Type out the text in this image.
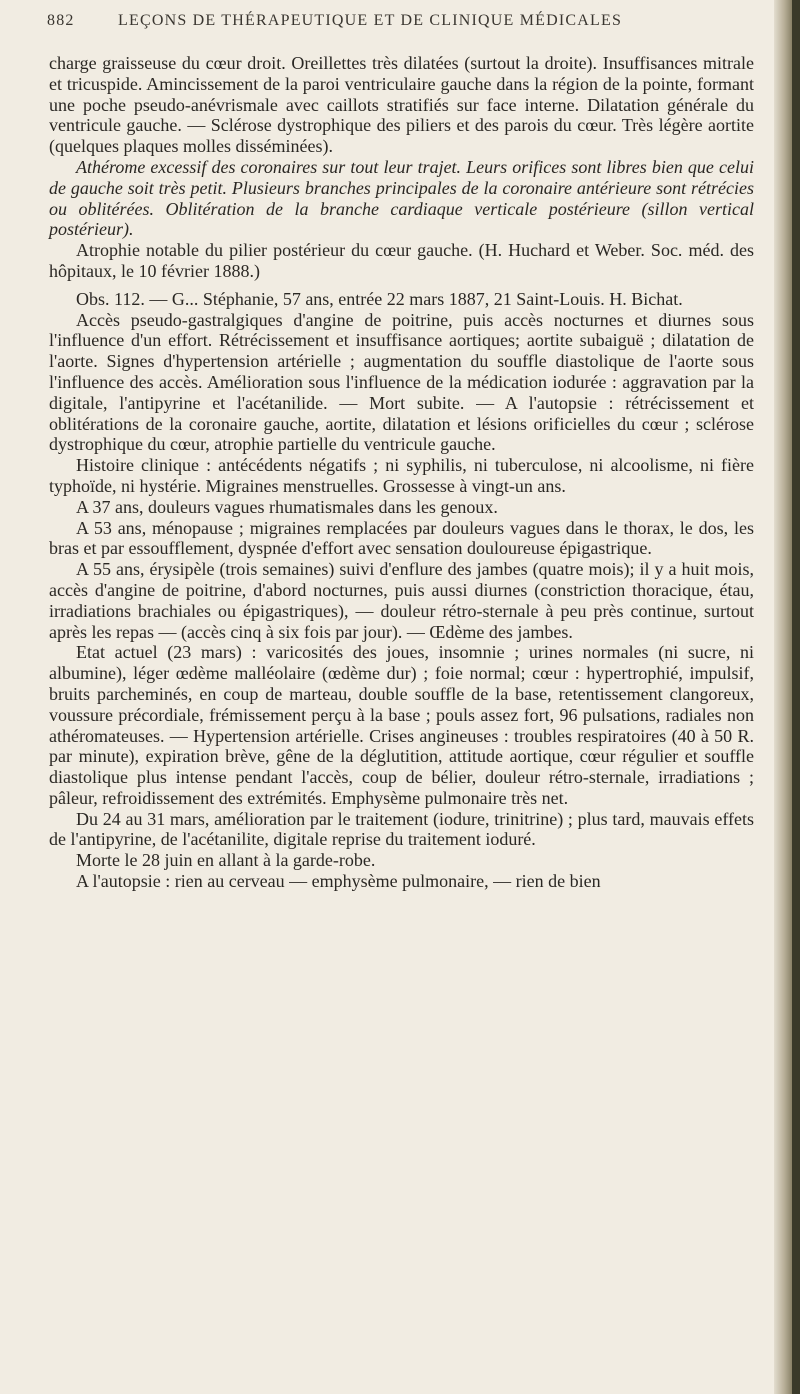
882	LEÇONS DE THÉRAPEUTIQUE ET DE CLINIQUE MÉDICALES

charge graisseuse du cœur droit. Oreillettes très dilatées (surtout la droite). Insuffisances mitrale et tricuspide. Amincissement de la paroi ventriculaire gauche dans la région de la pointe, formant une poche pseudo-anévrismale avec caillots stratifiés sur face interne. Dilatation générale du ventricule gauche. — Sclérose dystrophique des piliers et des parois du cœur. Très légère aortite (quelques plaques molles disséminées).

Athérome excessif des coronaires sur tout leur trajet. Leurs orifices sont libres bien que celui de gauche soit très petit. Plusieurs branches principales de la coronaire antérieure sont rétrécies ou oblitérées. Oblitération de la branche cardiaque verticale postérieure (sillon vertical postérieur).

Atrophie notable du pilier postérieur du cœur gauche. (H. Huchard et Weber. Soc. méd. des hôpitaux, le 10 février 1888.)

Obs. 112. — G... Stéphanie, 57 ans, entrée 22 mars 1887, 21 Saint-Louis. H. Bichat.

Accès pseudo-gastralgiques d'angine de poitrine, puis accès nocturnes et diurnes sous l'influence d'un effort. Rétrécissement et insuffisance aortiques; aortite subaiguë ; dilatation de l'aorte. Signes d'hypertension artérielle ; augmentation du souffle diastolique de l'aorte sous l'influence des accès. Amélioration sous l'influence de la médication iodurée : aggravation par la digitale, l'antipyrine et l'acétanilide. — Mort subite. — A l'autopsie : rétrécissement et oblitérations de la coronaire gauche, aortite, dilatation et lésions orificielles du cœur ; sclérose dystrophique du cœur, atrophie partielle du ventricule gauche.

Histoire clinique : antécédents négatifs ; ni syphilis, ni tuberculose, ni alcoolisme, ni fière typhoïde, ni hystérie. Migraines menstruelles. Grossesse à vingt-un ans.

A 37 ans, douleurs vagues rhumatismales dans les genoux.

A 53 ans, ménopause ; migraines remplacées par douleurs vagues dans le thorax, le dos, les bras et par essoufflement, dyspnée d'effort avec sensation douloureuse épigastrique.

A 55 ans, érysipèle (trois semaines) suivi d'enflure des jambes (quatre mois); il y a huit mois, accès d'angine de poitrine, d'abord nocturnes, puis aussi diurnes (constriction thoracique, étau, irradiations brachiales ou épigastriques), — douleur rétro-sternale à peu près continue, surtout après les repas — (accès cinq à six fois par jour). — Œdème des jambes.

Etat actuel (23 mars) : varicosités des joues, insomnie ; urines normales (ni sucre, ni albumine), léger œdème malléolaire (œdème dur) ; foie normal; cœur : hypertrophié, impulsif, bruits parcheminés, en coup de marteau, double souffle de la base, retentissement clangoreux, voussure précordiale, frémissement perçu à la base ; pouls assez fort, 96 pulsations, radiales non athéromateuses. — Hypertension artérielle. Crises angineuses : troubles respiratoires (40 à 50 R. par minute), expiration brève, gêne de la déglutition, attitude aortique, cœur régulier et souffle diastolique plus intense pendant l'accès, coup de bélier, douleur rétro-sternale, irradiations ; pâleur, refroidissement des extrémités. Emphysème pulmonaire très net.

Du 24 au 31 mars, amélioration par le traitement (iodure, trinitrine) ; plus tard, mauvais effets de l'antipyrine, de l'acétanilite, digitale reprise du traitement ioduré.

Morte le 28 juin en allant à la garde-robe.

A l'autopsie : rien au cerveau — emphysème pulmonaire, — rien de bien
